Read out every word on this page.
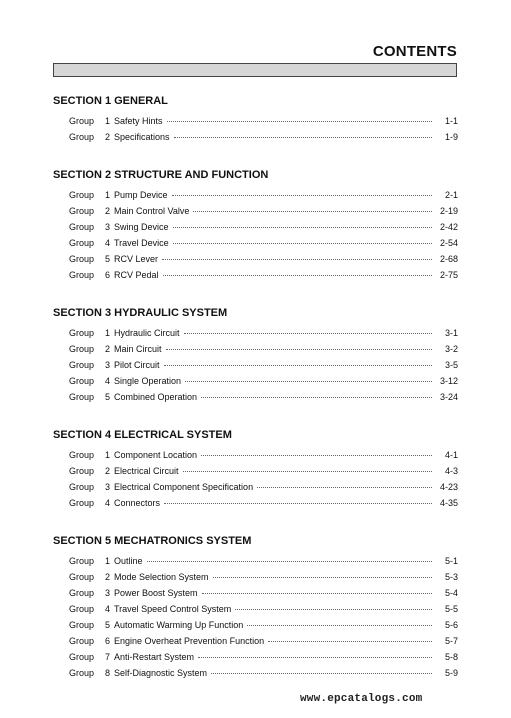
CONTENTS
SECTION 1 GENERAL
Group	1 Safety Hints	1-1
Group	2 Specifications	1-9
SECTION 2 STRUCTURE AND FUNCTION
Group	1 Pump Device	2-1
Group	2 Main Control Valve	2-19
Group	3 Swing Device	2-42
Group	4 Travel Device	2-54
Group	5 RCV Lever	2-68
Group	6 RCV Pedal	2-75
SECTION 3 HYDRAULIC SYSTEM
Group	1 Hydraulic Circuit	3-1
Group	2 Main Circuit	3-2
Group	3 Pilot Circuit	3-5
Group	4 Single Operation	3-12
Group	5 Combined Operation	3-24
SECTION 4 ELECTRICAL SYSTEM
Group	1 Component Location	4-1
Group	2 Electrical Circuit	4-3
Group	3 Electrical Component Specification	4-23
Group	4 Connectors	4-35
SECTION 5 MECHATRONICS SYSTEM
Group	1 Outline	5-1
Group	2 Mode Selection System	5-3
Group	3 Power Boost System	5-4
Group	4 Travel Speed Control System	5-5
Group	5 Automatic Warming Up Function	5-6
Group	6 Engine Overheat Prevention Function	5-7
Group	7 Anti-Restart System	5-8
Group	8 Self-Diagnostic System	5-9
www.epcatalogs.com
